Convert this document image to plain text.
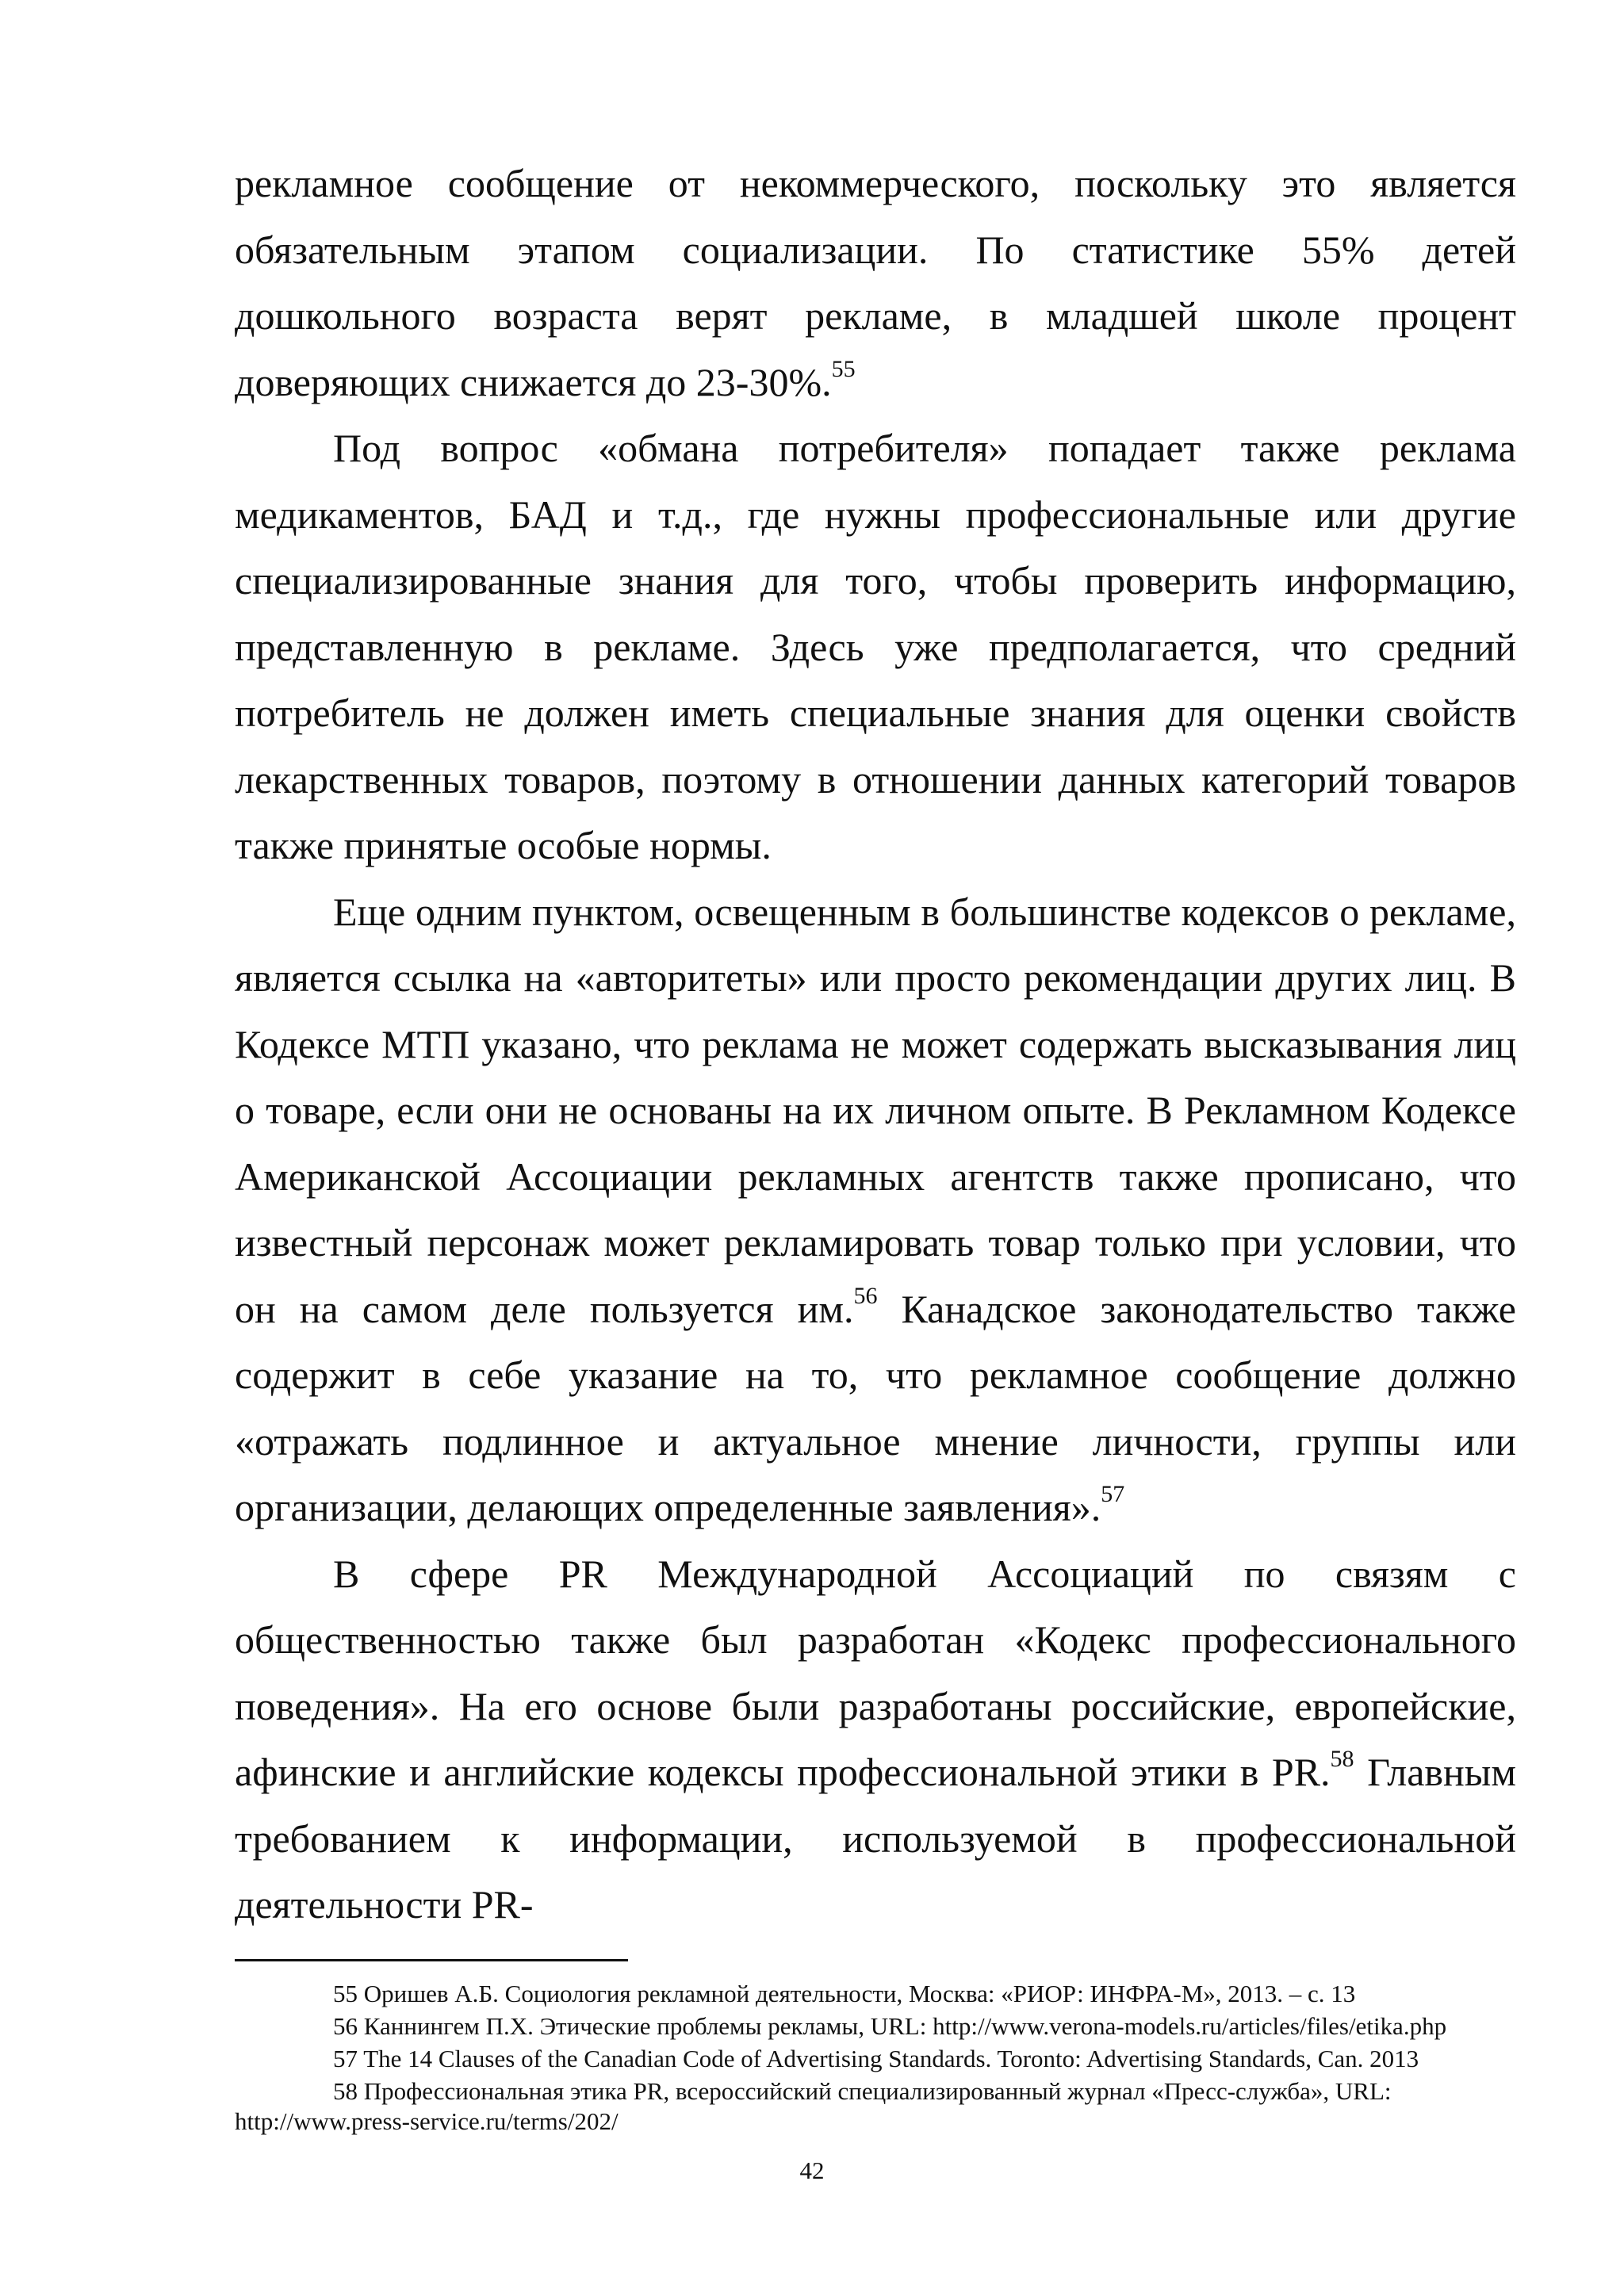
рекламное сообщение от некоммерческого, поскольку это является обязательным этапом социализации. По статистике 55% детей дошкольного возраста верят рекламе, в младшей школе процент доверяющих снижается до 23-30%.$^{55}$

Под вопрос «обмана потребителя» попадает также реклама медикаментов, БАД и т.д., где нужны профессиональные или другие специализированные знания для того, чтобы проверить информацию, представленную в рекламе. Здесь уже предполагается, что средний потребитель не должен иметь специальные знания для оценки свойств лекарственных товаров, поэтому в отношении данных категорий товаров также принятые особые нормы.

Еще одним пунктом, освещенным в большинстве кодексов о рекламе, является ссылка на «авторитеты» или просто рекомендации других лиц. В Кодексе МТП указано, что реклама не может содержать высказывания лиц о товаре, если они не основаны на их личном опыте. В Рекламном Кодексе Американской Ассоциации рекламных агентств также прописано, что известный персонаж может рекламировать товар только при условии, что он на самом деле пользуется им.$^{56}$ Канадское законодательство также содержит в себе указание на то, что рекламное сообщение должно «отражать подлинное и актуальное мнение личности, группы или организации, делающих определенные заявления».$^{57}$

В сфере PR Международной Ассоциаций по связям с общественностью также был разработан «Кодекс профессионального поведения». На его основе были разработаны российские, европейские, афинские и английские кодексы профессиональной этики в PR.$^{58}$ Главным требованием к информации, используемой в профессиональной деятельности PR-

55 Оришев А.Б. Социология рекламной деятельности, Москва: «РИОР: ИНФРА-М», 2013. – с. 13

56 Каннингем П.Х. Этические проблемы рекламы, URL: http://www.verona-models.ru/articles/files/etika.php

57 The 14 Clauses of the Canadian Code of Advertising Standards. Toronto: Advertising Standards, Can. 2013

58 Профессиональная этика PR, всероссийский специализированный журнал «Пресс-служба», URL: http://www.press-service.ru/terms/202/

42
